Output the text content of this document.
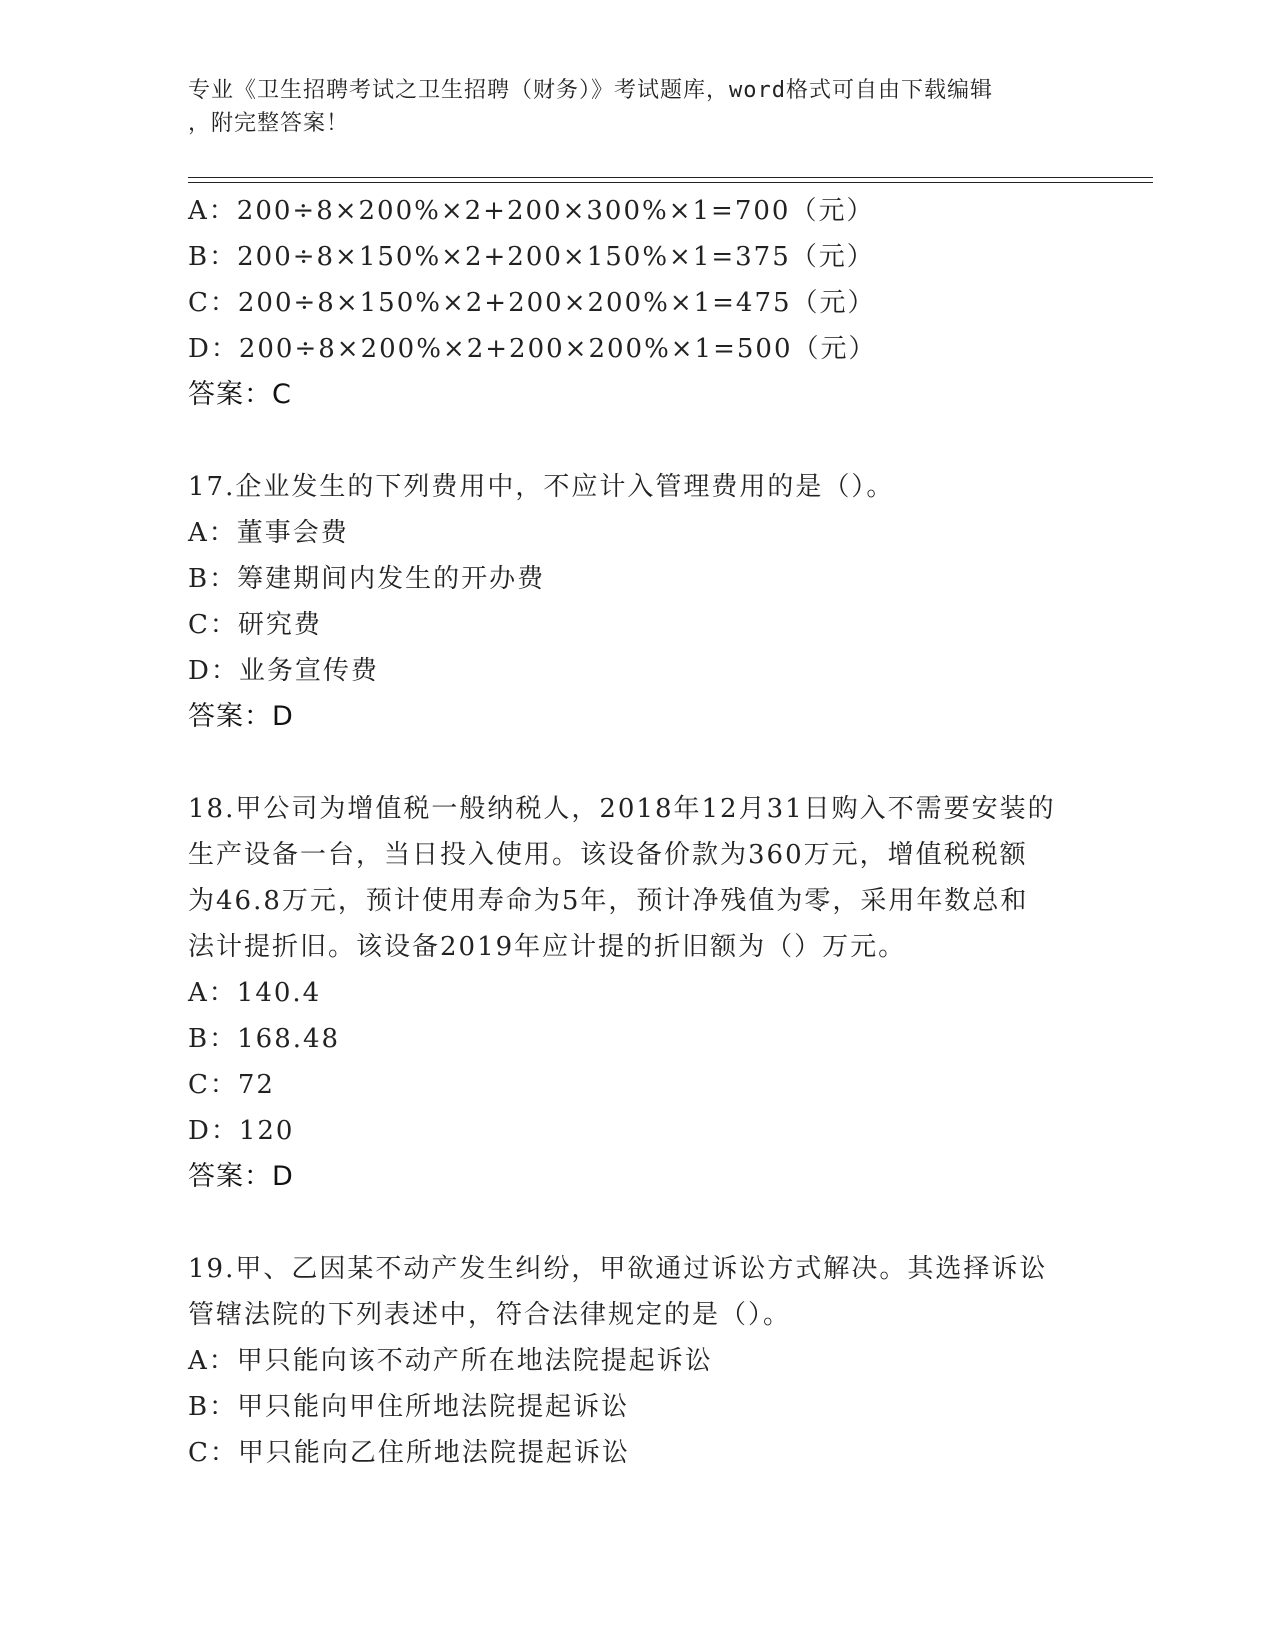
专业《卫生招聘考试之卫生招聘（财务）》考试题库，word格式可自由下载编辑
，附完整答案！
A：200÷8×200%×2+200×300%×1=700（元）
B：200÷8×150%×2+200×150%×1=375（元）
C：200÷8×150%×2+200×200%×1=475（元）
D：200÷8×200%×2+200×200%×1=500（元）
答案：C
17.企业发生的下列费用中，不应计入管理费用的是（）。
A：董事会费
B：筹建期间内发生的开办费
C：研究费
D：业务宣传费
答案：D
18.甲公司为增值税一般纳税人，2018年12月31日购入不需要安装的
生产设备一台，当日投入使用。该设备价款为360万元，增值税税额
为46.8万元，预计使用寿命为5年，预计净残值为零，采用年数总和
法计提折旧。该设备2019年应计提的折旧额为（）万元。
A：140.4
B：168.48
C：72
D：120
答案：D
19.甲、乙因某不动产发生纠纷，甲欲通过诉讼方式解决。其选择诉讼
管辖法院的下列表述中，符合法律规定的是（）。
A：甲只能向该不动产所在地法院提起诉讼
B：甲只能向甲住所地法院提起诉讼
C：甲只能向乙住所地法院提起诉讼
